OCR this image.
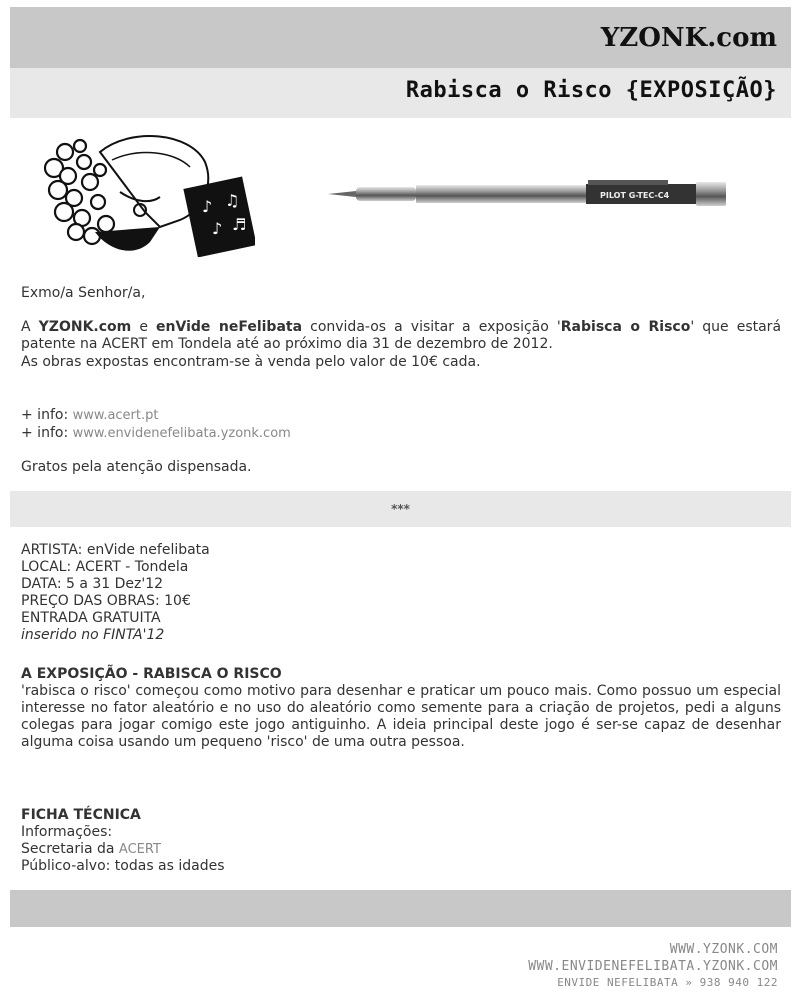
YZONK.com
Rabisca o Risco {EXPOSIÇÃO}
♪ ♫
♪ ♬
PILOT G-TEC-C4
Exmo/a Senhor/a,
A YZONK.com e enVide neFelibata convida-os a visitar a exposição 'Rabisca o Risco' que estará patente na ACERT em Tondela até ao próximo dia 31 de dezembro de 2012.
As obras expostas encontram-se à venda pelo valor de 10€ cada.
+ info: www.acert.pt
+ info: www.envidenefelibata.yzonk.com
Gratos pela atenção dispensada.
***
ARTISTA: enVide nefelibata
LOCAL: ACERT - Tondela
DATA: 5 a 31 Dez'12
PREÇO DAS OBRAS: 10€
ENTRADA GRATUITA
inserido no FINTA'12
A EXPOSIÇÃO - RABISCA O RISCO
'rabisca o risco' começou como motivo para desenhar e praticar um pouco mais. Como possuo um especial interesse no fator aleatório e no uso do aleatório como semente para a criação de projetos, pedi a alguns colegas para jogar comigo este jogo antiguinho. A ideia principal deste jogo é ser-se capaz de desenhar alguma coisa usando um pequeno 'risco' de uma outra pessoa.
FICHA TÉCNICA
Informações:
Secretaria da ACERT
Público-alvo: todas as idades
WWW.YZONK.COM
WWW.ENVIDENEFELIBATA.YZONK.COM
ENVIDE NEFELIBATA » 938 940 122
